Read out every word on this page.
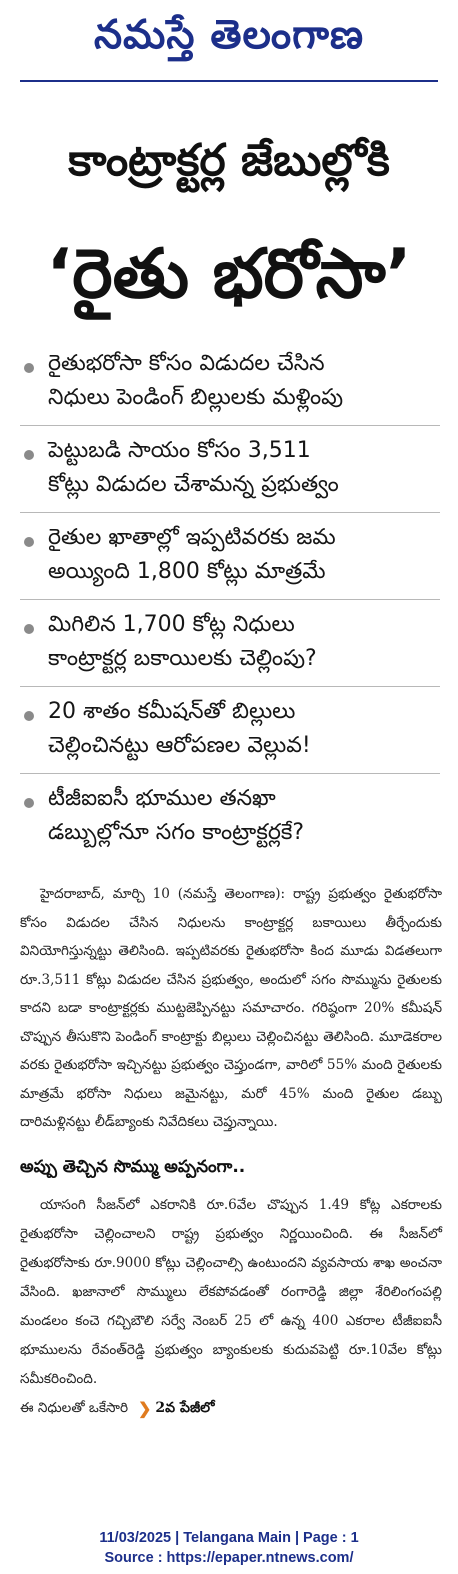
నమస్తే తెలంగాణ
కాంట్రాక్టర్ల జేబుల్లోకి
‘రైతు భరోసా’
రైతుభరోసా కోసం విడుదల చేసిన
నిధులు పెండింగ్ బిల్లులకు మళ్లింపు
పెట్టుబడి సాయం కోసం 3,511
కోట్లు విడుదల చేశామన్న ప్రభుత్వం
రైతుల ఖాతాల్లో ఇప్పటివరకు జమ
అయ్యింది 1,800 కోట్లు మాత్రమే
మిగిలిన 1,700 కోట్ల నిధులు
కాంట్రాక్టర్ల బకాయిలకు చెల్లింపు?
20 శాతం కమీషన్‌తో బిల్లులు
చెల్లించినట్టు ఆరోపణల వెల్లువ!
టీజీఐఐసీ భూముల తనఖా
డబ్బుల్లోనూ సగం కాంట్రాక్టర్లకే?

హైదరాబాద్, మార్చి 10 (నమస్తే తెలంగాణ): రాష్ట్ర ప్రభుత్వం రైతుభరోసా కోసం విడుదల చేసిన నిధులను కాంట్రాక్టర్ల బకాయిలు తీర్చేందుకు వినియోగిస్తున్నట్టు తెలిసింది. ఇప్పటివరకు రైతుభరోసా కింద మూడు విడతలుగా రూ.3,511 కోట్లు విడుదల చేసిన ప్రభుత్వం, అందులో సగం సొమ్మును రైతులకు కాదని బడా కాంట్రాక్టర్లకు ముట్టజెప్పినట్టు సమాచారం. గరిష్ఠంగా 20% కమీషన్ చొప్పున తీసుకొని పెండింగ్ కాంట్రాక్టు బిల్లులు చెల్లించినట్టు తెలిసింది. మూడెకరాల వరకు రైతుభరోసా ఇచ్చినట్టు ప్రభుత్వం చెప్తుండగా, వారిలో 55% మంది రైతులకు మాత్రమే భరోసా నిధులు జమైనట్టు, మరో 45% మంది రైతుల డబ్బు దారిమళ్లినట్టు లీడ్‌బ్యాంకు నివేదికలు చెప్తున్నాయి.

అప్పు తెచ్చిన సొమ్ము అప్పనంగా..

యాసంగి సీజన్‌లో ఎకరానికి రూ.6వేల చొప్పున 1.49 కోట్ల ఎకరాలకు రైతుభరోసా చెల్లించాలని రాష్ట్ర ప్రభుత్వం నిర్ణయించింది. ఈ సీజన్‌లో రైతుభరోసాకు రూ.9000 కోట్లు చెల్లించాల్సి ఉంటుందని వ్యవసాయ శాఖ అంచనా వేసింది. ఖజానాలో సొమ్ములు లేకపోవడంతో రంగారెడ్డి జిల్లా శేరిలింగంపల్లి మండలం కంచె గచ్చిబౌలి సర్వే నెంబర్ 25 లో ఉన్న 400 ఎకరాల టీజీఐఐసీ భూములను రేవంత్‌రెడ్డి ప్రభుత్వం బ్యాంకులకు కుదువపెట్టి రూ.10వేల కోట్లు సమీకరించింది.

ఈ నిధులతో ఒకేసారి ❯ 2వ పేజీలో
11/03/2025 | Telangana Main | Page : 1
Source : https://epaper.ntnews.com/
